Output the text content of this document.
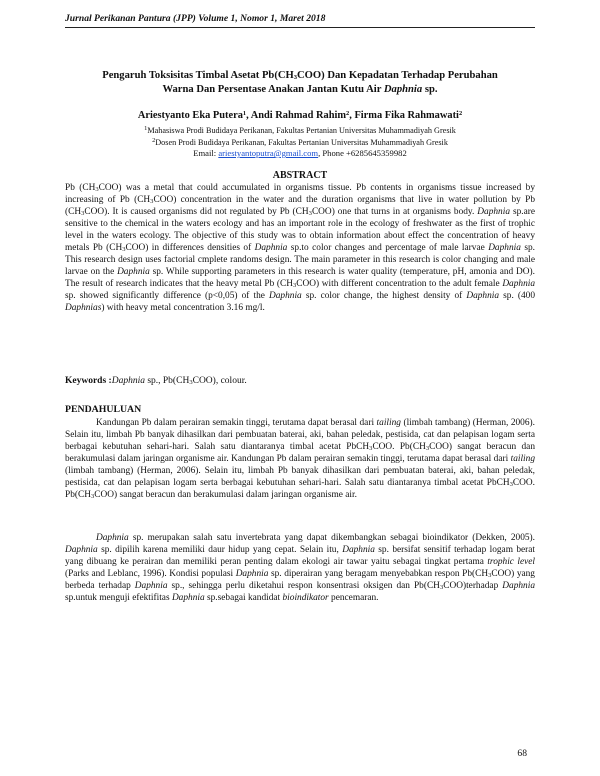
Jurnal Perikanan Pantura (JPP) Volume 1, Nomor 1, Maret 2018
Pengaruh Toksisitas Timbal Asetat $Pb(CH_3COO)$ Dan Kepadatan Terhadap Perubahan
Warna Dan Persentase Anakan Jantan Kutu Air Daphnia sp.
Ariestyanto Eka Putera$^1$, Andi Rahmad Rahim$^2$, Firma Fika Rahmawati$^2$
$^1$Mahasiswa Prodi Budidaya Perikanan, Fakultas Pertanian Universitas Muhammadiyah Gresik
$^2$Dosen Prodi Budidaya Perikanan, Fakultas Pertanian Universitas Muhammadiyah Gresik
Email: ariestyantoputra@gmail.com, Phone +6285645359982
ABSTRACT
Pb $(CH_3COO)$ was a metal that could accumulated in organisms tissue. Pb contents in organisms tissue increased by increasing of Pb $(CH_3COO)$ concentration in the water and the duration organisms that live in water pollution by Pb $(CH_3COO)$. It is caused organisms did not regulated by Pb $(CH_3COO)$ one that turns in at organisms body. Daphnia sp.are sensitive to the chemical in the waters ecology and has an important role in the ecology of freshwater as the first of trophic level in the waters ecology. The objective of this study was to obtain information about effect the concentration of heavy metals Pb $(CH_3COO)$ in differences densities of Daphnia sp.to color changes and percentage of male larvae Daphnia sp. This research design uses factorial cmplete randoms design. The main parameter in this research is color changing and male larvae on the Daphnia sp. While supporting parameters in this research is water quality (temperature, pH, amonia and DO). The result of research indicates that the heavy metal Pb $(CH_3COO)$ with different concentration to the adult female Daphnia sp. showed significantly difference (p<0,05) of the Daphnia sp. color change, the highest density of Daphnia sp. (400 Daphnias) with heavy metal concentration 3.16 mg/l.
Keywords :Daphnia sp., $Pb(CH_3COO)$, colour.
PENDAHULUAN
Kandungan Pb dalam perairan semakin tinggi, terutama dapat berasal dari tailing (limbah tambang) (Herman, 2006). Selain itu, limbah Pb banyak dihasilkan dari pembuatan baterai, aki, bahan peledak, pestisida, cat dan pelapisan logam serta berbagai kebutuhan sehari-hari. Salah satu diantaranya timbal acetat PbCH$_3$COO. $Pb(CH_3COO)$ sangat beracun dan berakumulasi dalam jaringan organisme air. Kandungan Pb dalam perairan semakin tinggi, terutama dapat berasal dari tailing (limbah tambang) (Herman, 2006). Selain itu, limbah Pb banyak dihasilkan dari pembuatan baterai, aki, bahan peledak, pestisida, cat dan pelapisan logam serta berbagai kebutuhan sehari-hari. Salah satu diantaranya timbal acetat PbCH$_3$COO. $Pb(CH_3COO)$ sangat beracun dan berakumulasi dalam jaringan organisme air.
Daphnia sp. merupakan salah satu invertebrata yang dapat dikembangkan sebagai bioindikator (Dekken, 2005). Daphnia sp. dipilih karena memiliki daur hidup yang cepat. Selain itu, Daphnia sp. bersifat sensitif terhadap logam berat yang dibuang ke perairan dan memiliki peran penting dalam ekologi air tawar yaitu sebagai tingkat pertama trophic level (Parks and Leblanc, 1996). Kondisi populasi Daphnia sp. diperairan yang beragam menyebabkan respon $Pb(CH_3COO)$ yang berbeda terhadap Daphnia sp., sehingga perlu diketahui respon konsentrasi oksigen dan $Pb(CH_3COO)terhadap$ Daphnia sp.untuk menguji efektifitas Daphnia sp.sebagai kandidat bioindikator pencemaran.
68
